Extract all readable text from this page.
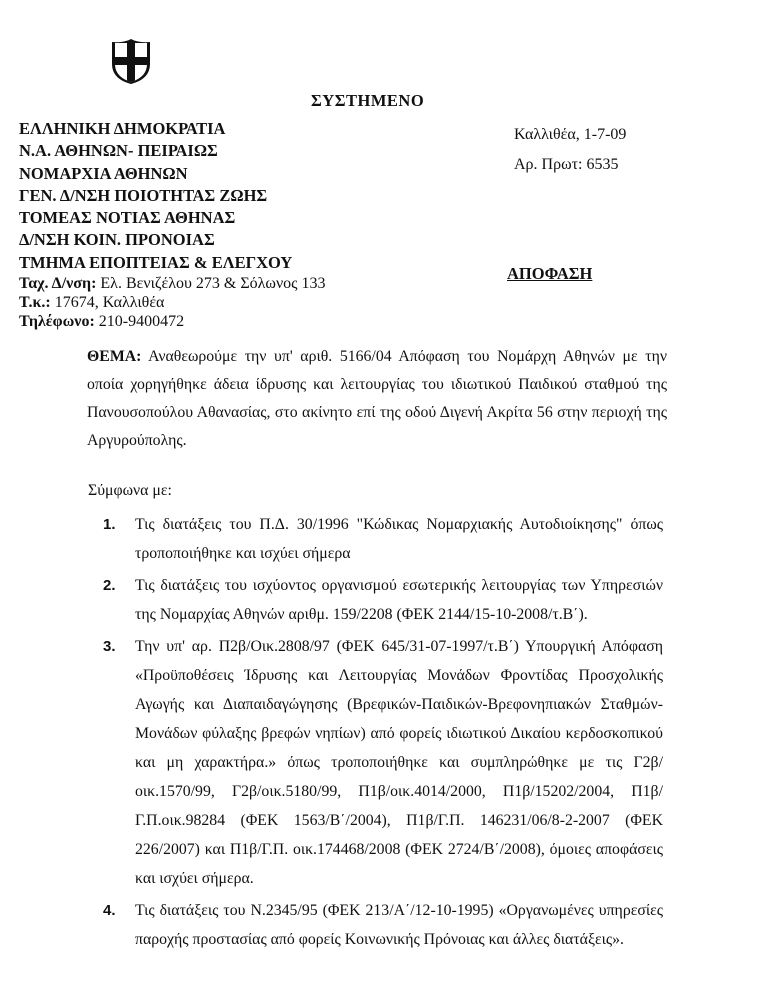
ΣΥΣΤΗΜΕΝΟ
ΕΛΛΗΝΙΚΗ ΔΗΜΟΚΡΑΤΙΑ
Ν.Α. ΑΘΗΝΩΝ- ΠΕΙΡΑΙΩΣ
ΝΟΜΑΡΧΙΑ ΑΘΗΝΩΝ
ΓΕΝ. Δ/ΝΣΗ ΠΟΙΟΤΗΤΑΣ ΖΩΗΣ
ΤΟΜΕΑΣ ΝΟΤΙΑΣ ΑΘΗΝΑΣ
Δ/ΝΣΗ ΚΟΙΝ. ΠΡΟΝΟΙΑΣ
ΤΜΗΜΑ ΕΠΟΠΤΕΙΑΣ & ΕΛΕΓΧΟΥ
Ταχ. Δ/νση: Ελ. Βενιζέλου 273 & Σόλωνος 133
Τ.κ.: 17674, Καλλιθέα
Τηλέφωνο: 210-9400472
Καλλιθέα, 1-7-09
Αρ. Πρωτ: 6535
ΑΠΟΦΑΣΗ
ΘΕΜΑ: Αναθεωρούμε την υπ' αριθ. 5166/04 Απόφαση του Νομάρχη Αθηνών με την οποία χορηγήθηκε άδεια ίδρυσης και λειτουργίας του ιδιωτικού Παιδικού σταθμού της Πανουσοπούλου Αθανασίας, στο ακίνητο επί της οδού Διγενή Ακρίτα 56 στην περιοχή της Αργυρούπολης.
Σύμφωνα με:
1. Τις διατάξεις του Π.Δ. 30/1996 "Κώδικας Νομαρχιακής Αυτοδιοίκησης" όπως τροποποιήθηκε και ισχύει σήμερα
2. Τις διατάξεις του ισχύοντος οργανισμού εσωτερικής λειτουργίας των Υπηρεσιών της Νομαρχίας Αθηνών αριθμ. 159/2208 (ΦΕΚ 2144/15-10-2008/τ.Β΄).
3. Την υπ' αρ. Π2β/Οικ.2808/97 (ΦΕΚ 645/31-07-1997/τ.Β΄) Υπουργική Απόφαση «Προϋποθέσεις Ίδρυσης και Λειτουργίας Μονάδων Φροντίδας Προσχολικής Αγωγής και Διαπαιδαγώγησης (Βρεφικών-Παιδικών-Βρεφονηπιακών Σταθμών-Μονάδων φύλαξης βρεφών νηπίων) από φορείς ιδιωτικού Δικαίου κερδοσκοπικού και μη χαρακτήρα.» όπως τροποποιήθηκε και συμπληρώθηκε με τις Γ2β/οικ.1570/99, Γ2β/οικ.5180/99, Π1β/οικ.4014/2000, Π1β/15202/2004, Π1β/Γ.Π.οικ.98284 (ΦΕΚ 1563/Β΄/2004), Π1β/Γ.Π. 146231/06/8-2-2007 (ΦΕΚ 226/2007) και Π1β/Γ.Π. οικ.174468/2008 (ΦΕΚ 2724/Β΄/2008), όμοιες αποφάσεις και ισχύει σήμερα.
4. Τις διατάξεις του Ν.2345/95 (ΦΕΚ 213/Α΄/12-10-1995) «Οργανωμένες υπηρεσίες παροχής προστασίας από φορείς Κοινωνικής Πρόνοιας και άλλες διατάξεις».
